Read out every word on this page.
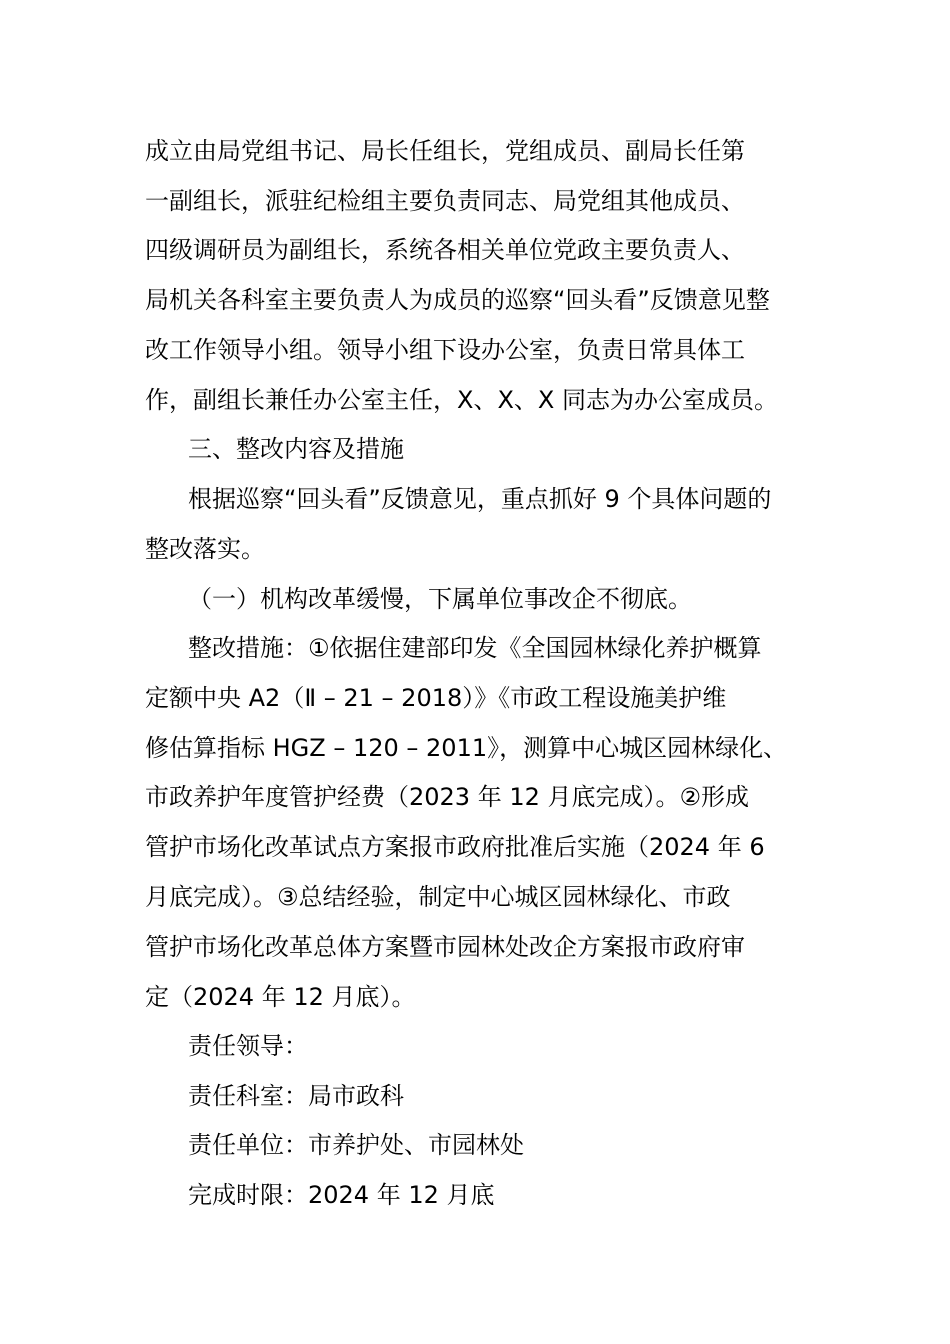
成立由局党组书记、局长任组长，党组成员、副局长任第
一副组长，派驻纪检组主要负责同志、局党组其他成员、
四级调研员为副组长，系统各相关单位党政主要负责人、
局机关各科室主要负责人为成员的巡察“回头看”反馈意见整
改工作领导小组。领导小组下设办公室，负责日常具体工
作，副组长兼任办公室主任，X、X、X 同志为办公室成员。
三、整改内容及措施
根据巡察“回头看”反馈意见，重点抓好 9 个具体问题的
整改落实。
（一）机构改革缓慢，下属单位事改企不彻底。
整改措施：①依据住建部印发《全国园林绿化养护概算
定额中央 A2（Ⅱ – 21 – 2018）》《市政工程设施美护维
修估算指标 HGZ – 120 – 2011》，测算中心城区园林绿化、
市政养护年度管护经费（2023 年 12 月底完成）。②形成
管护市场化改革试点方案报市政府批准后实施（2024 年 6
月底完成）。③总结经验，制定中心城区园林绿化、市政
管护市场化改革总体方案暨市园林处改企方案报市政府审
定（2024 年 12 月底）。
责任领导：
责任科室：局市政科
责任单位：市养护处、市园林处
完成时限：2024 年 12 月底
